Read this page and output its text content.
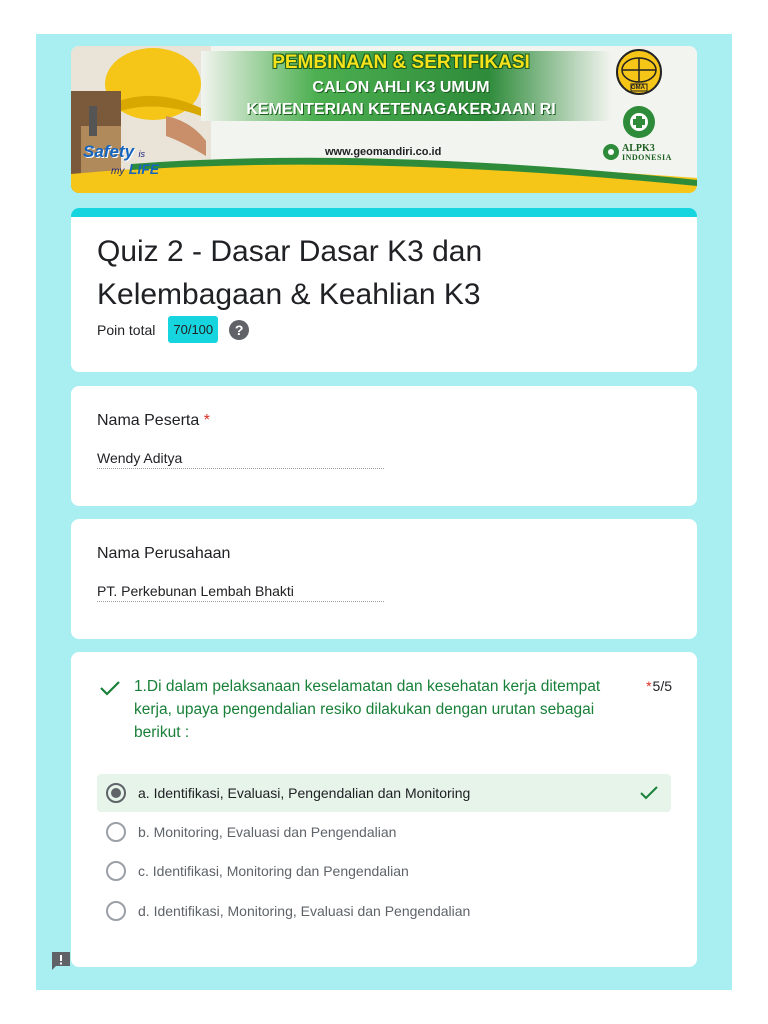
PEMBINAAN & SERTIFIKASI
CALON AHLI K3 UMUM
KEMENTERIAN KETENAGAKERJAAN RI
www.geomandiri.co.id
Safety is
my LIFE
GMA
ALPK3
INDONESIA
Quiz 2 - Dasar Dasar K3 dan Kelembagaan & Keahlian K3
Poin total	70/100	?
Nama Peserta *
Wendy Aditya
Nama Perusahaan
PT. Perkebunan Lembah Bhakti
1.Di dalam pelaksanaan keselamatan dan kesehatan kerja ditempat kerja, upaya pengendalian resiko dilakukan dengan urutan sebagai berikut :
*5/5
a. Identifikasi, Evaluasi, Pengendalian dan Monitoring
b. Monitoring, Evaluasi dan Pengendalian
c. Identifikasi, Monitoring dan Pengendalian
d. Identifikasi, Monitoring, Evaluasi dan Pengendalian
